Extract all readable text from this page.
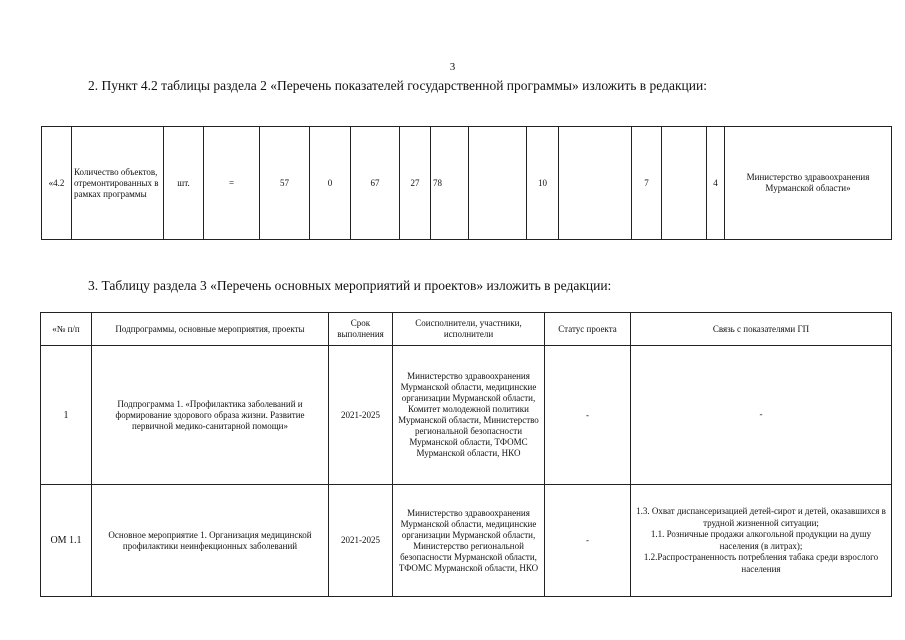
3
2. Пункт 4.2 таблицы раздела 2 «Перечень показателей государственной программы» изложить в редакции:
«4.2	Количество объектов, отремонтированных в рамках программы	шт.	=	57	0	67	27	78		10		7		4	Министерство здравоохранения Мурманской области»
3. Таблицу раздела 3 «Перечень основных мероприятий и проектов» изложить в редакции:
«№ п/п	Подпрограммы, основные мероприятия, проекты	Срок выполнения	Соисполнители, участники, исполнители	Статус проекта	Связь с показателями ГП
1	Подпрограмма 1. «Профилактика заболеваний и формирование здорового образа жизни. Развитие первичной медико-санитарной помощи»	2021-2025	Министерство здравоохранения Мурманской области, медицинские организации Мурманской области, Комитет молодежной политики Мурманской области, Министерство региональной безопасности Мурманской области, ТФОМС Мурманской области, НКО	-	-

ОМ 1.1	Основное мероприятие 1. Организация медицинской профилактики неинфекционных заболеваний	2021-2025	Министерство здравоохранения Мурманской области, медицинские организации Мурманской области, Министерство региональной безопасности Мурманской области, ТФОМС Мурманской области, НКО	-	1.3. Охват диспансеризацией детей-сирот и детей, оказавшихся в трудной жизненной ситуации;
1.1. Розничные продажи алкогольной продукции на душу населения (в литрах);
1.2.Распространенность потребления табака среди взрослого населения
